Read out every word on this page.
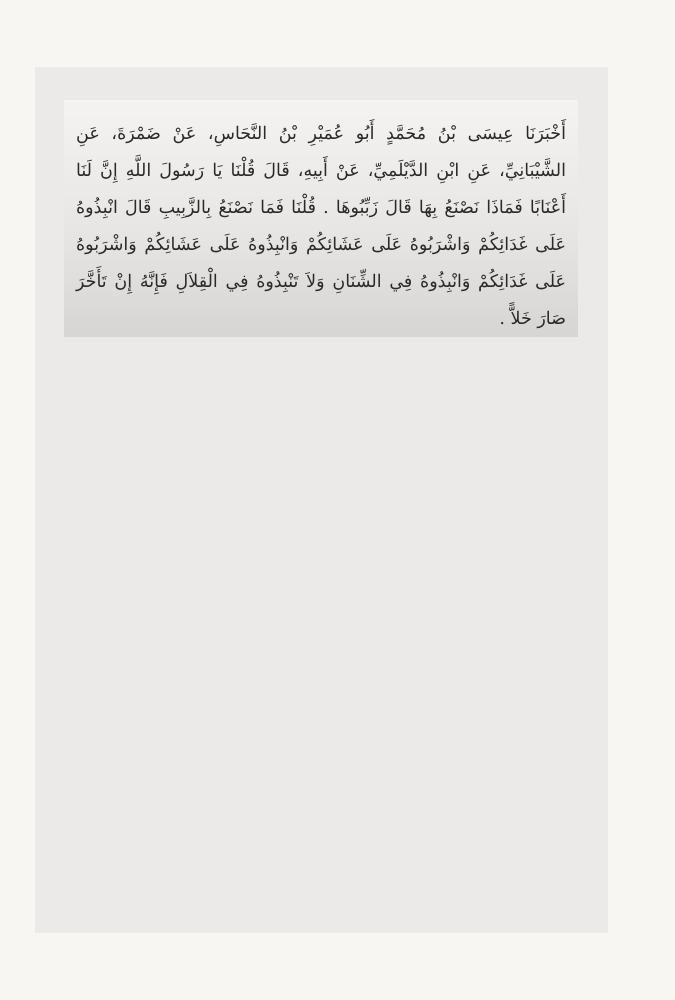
أَخْبَرَنَا عِيسَى بْنُ مُحَمَّدٍ أَبُو عُمَيْرِ بْنُ النَّحَاسِ، عَنْ ضَمْرَةَ، عَنِ الشَّيْبَانِيِّ، عَنِ ابْنِ الدَّيْلَمِيِّ، عَنْ أَبِيهِ، قَالَ قُلْنَا يَا رَسُولَ اللَّهِ إِنَّ لَنَا أَعْنَابًا فَمَاذَا نَصْنَعُ بِهَا قَالَ زَبِّبُوهَا . قُلْنَا فَمَا نَصْنَعُ بِالزَّبِيبِ قَالَ انْبِذُوهُ عَلَى غَدَائِكُمْ وَاشْرَبُوهُ عَلَى عَشَائِكُمْ وَانْبِذُوهُ عَلَى عَشَائِكُمْ وَاشْرَبُوهُ عَلَى غَدَائِكُمْ وَانْبِذُوهُ فِي الشِّنَانِ وَلاَ تَنْبِذُوهُ فِي الْقِلاَلِ فَإِنَّهُ إِنْ تَأَخَّرَ صَارَ خَلاًّ .
